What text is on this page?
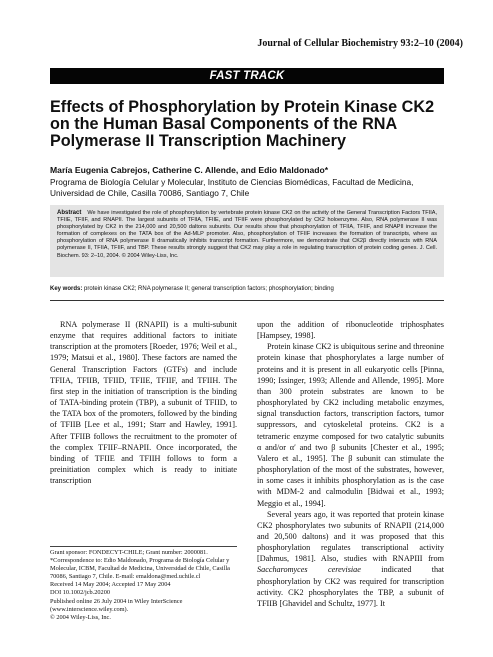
Journal of Cellular Biochemistry 93:2–10 (2004)
FAST TRACK
Effects of Phosphorylation by Protein Kinase CK2 on the Human Basal Components of the RNA Polymerase II Transcription Machinery
María Eugenia Cabrejos, Catherine C. Allende, and Edio Maldonado*
Programa de Biología Celular y Molecular, Instituto de Ciencias Biomédicas, Facultad de Medicina, Universidad de Chile, Casilla 70086, Santiago 7, Chile

Abstract We have investigated the role of phosphorylation by vertebrate protein kinase CK2 on the activity of the General Transcription Factors TFIIA, TFIIE, TFIIF, and RNAPII. The largest subunits of TFIIA, TFIIE, and TFIIF were phosphorylated by CK2 holoenzyme. Also, RNA polymerase II was phosphorylated by CK2 in the 214,000 and 20,500 daltons subunits. Our results show that phosphorylation of TFIIA, TFIIF, and RNAPII increase the formation of complexes on the TATA box of the Ad-MLP promoter. Also, phosphorylation of TFIIF increases the formation of transcripts, where as phosphorylation of RNA polymerase II dramatically inhibits transcript formation. Furthermore, we demonstrate that CK2β directly interacts with RNA polymerase II, TFIIA, TFIIF, and TBP. These results strongly suggest that CK2 may play a role in regulating transcription of protein coding genes. J. Cell. Biochem. 93: 2–10, 2004. © 2004 Wiley-Liss, Inc.

Key words: protein kinase CK2; RNA polymerase II; general transcription factors; phosphorylation; binding

RNA polymerase II (RNAPII) is a multi-subunit enzyme that requires additional factors to initiate transcription at the promoters [Roeder, 1976; Weil et al., 1979; Matsui et al., 1980]. These factors are named the General Transcription Factors (GTFs) and include TFIIA, TFIIB, TFIID, TFIIE, TFIIF, and TFIIH. The first step in the initiation of transcription is the binding of TATA-binding protein (TBP), a subunit of TFIID, to the TATA box of the promoters, followed by the binding of TFIIB [Lee et al., 1991; Starr and Hawley, 1991]. After TFIIB follows the recruitment to the promoter of the complex TFIIF–RNAPII. Once incorporated, the binding of TFIIE and TFIIH follows to form a preinitiation complex which is ready to initiate transcription

upon the addition of ribonucleotide triphosphates [Hampsey, 1998].

Protein kinase CK2 is ubiquitous serine and threonine protein kinase that phosphorylates a large number of proteins and it is present in all eukaryotic cells [Pinna, 1990; Issinger, 1993; Allende and Allende, 1995]. More than 300 protein substrates are known to be phosphorylated by CK2 including metabolic enzymes, signal transduction factors, transcription factors, tumor suppressors, and cytoskeletal proteins. CK2 is a tetrameric enzyme composed for two catalytic subunits α and/or α′ and two β subunits [Chester et al., 1995; Valero et al., 1995]. The β subunit can stimulate the phosphorylation of the most of the substrates, however, in some cases it inhibits phosphorylation as is the case with MDM-2 and calmodulin [Bidwai et al., 1993; Meggio et al., 1994].

Several years ago, it was reported that protein kinase CK2 phosphorylates two subunits of RNAPII (214,000 and 20,500 daltons) and it was proposed that this phosphorylation regulates transcriptional activity [Dahmus, 1981]. Also, studies with RNAPIII from Saccharomyces cerevisiae indicated that phosphorylation by CK2 was required for transcription activity. CK2 phosphorylates the TBP, a subunit of TFIIB [Ghavidel and Schultz, 1977]. It

Grant sponsor: FONDECYT-CHILE; Grant number: 2000081.

*Correspondence to: Edio Maldonado, Programa de Biología Celular y Molecular, ICBM, Facultad de Medicina, Universidad de Chile, Casilla 70086, Santiago 7, Chile. E-mail: emaldona@med.uchile.cl

Received 14 May 2004; Accepted 17 May 2004

DOI 10.1002/jcb.20200

Published online 26 July 2004 in Wiley InterScience (www.interscience.wiley.com).

© 2004 Wiley-Liss, Inc.
